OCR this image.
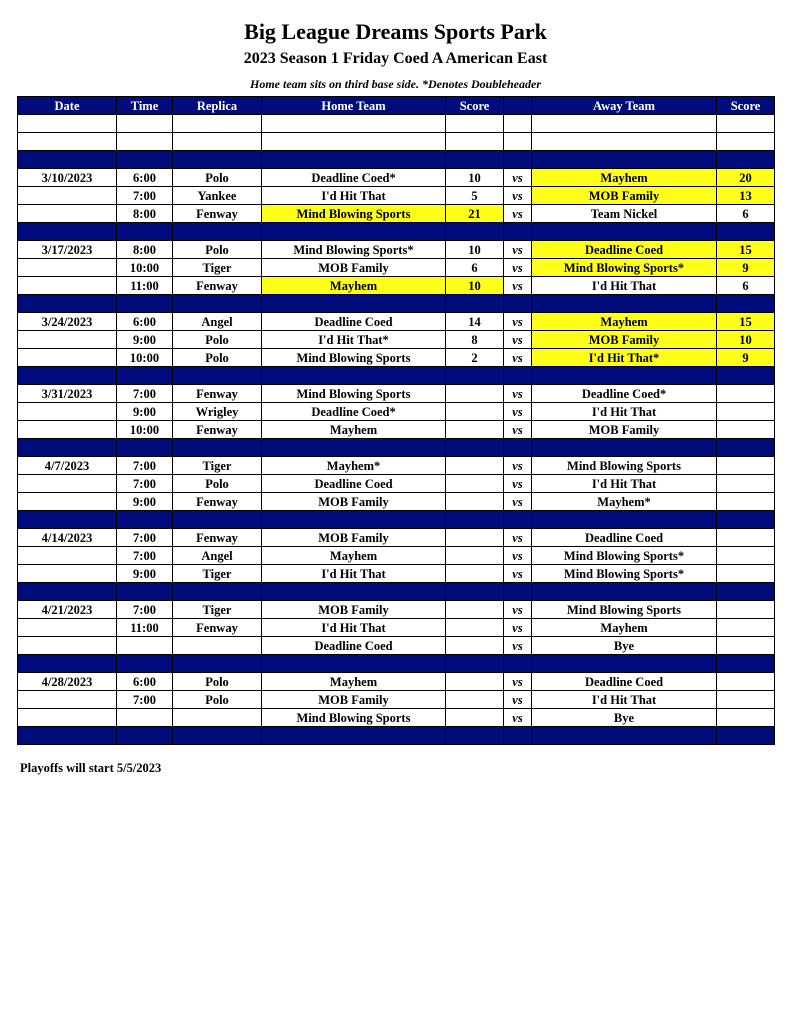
Big League Dreams Sports Park
2023 Season 1 Friday Coed A American East
Home team sits on third base side. *Denotes Doubleheader
Date	Time	Replica	Home Team	Score		Away Team	Score

3/10/2023	6:00	Polo	Deadline Coed*	10	vs	Mayhem	20
	7:00	Yankee	I'd Hit That	5	vs	MOB Family	13
	8:00	Fenway	Mind Blowing Sports	21	vs	Team Nickel	6

3/17/2023	8:00	Polo	Mind Blowing Sports*	10	vs	Deadline Coed	15
	10:00	Tiger	MOB Family	6	vs	Mind Blowing Sports*	9
	11:00	Fenway	Mayhem	10	vs	I'd Hit That	6

3/24/2023	6:00	Angel	Deadline Coed	14	vs	Mayhem	15
	9:00	Polo	I'd Hit That*	8	vs	MOB Family	10
	10:00	Polo	Mind Blowing Sports	2	vs	I'd Hit That*	9

3/31/2023	7:00	Fenway	Mind Blowing Sports		vs	Deadline Coed*	
	9:00	Wrigley	Deadline Coed*		vs	I'd Hit That	
	10:00	Fenway	Mayhem		vs	MOB Family	

4/7/2023	7:00	Tiger	Mayhem*		vs	Mind Blowing Sports	
	7:00	Polo	Deadline Coed		vs	I'd Hit That	
	9:00	Fenway	MOB Family		vs	Mayhem*	

4/14/2023	7:00	Fenway	MOB Family		vs	Deadline Coed	
	7:00	Angel	Mayhem		vs	Mind Blowing Sports*	
	9:00	Tiger	I'd Hit That		vs	Mind Blowing Sports*	

4/21/2023	7:00	Tiger	MOB Family		vs	Mind Blowing Sports	
	11:00	Fenway	I'd Hit That		vs	Mayhem	
			Deadline Coed		vs	Bye	

4/28/2023	6:00	Polo	Mayhem		vs	Deadline Coed	
	7:00	Polo	MOB Family		vs	I'd Hit That	
			Mind Blowing Sports		vs	Bye	

Playoffs will start 5/5/2023
